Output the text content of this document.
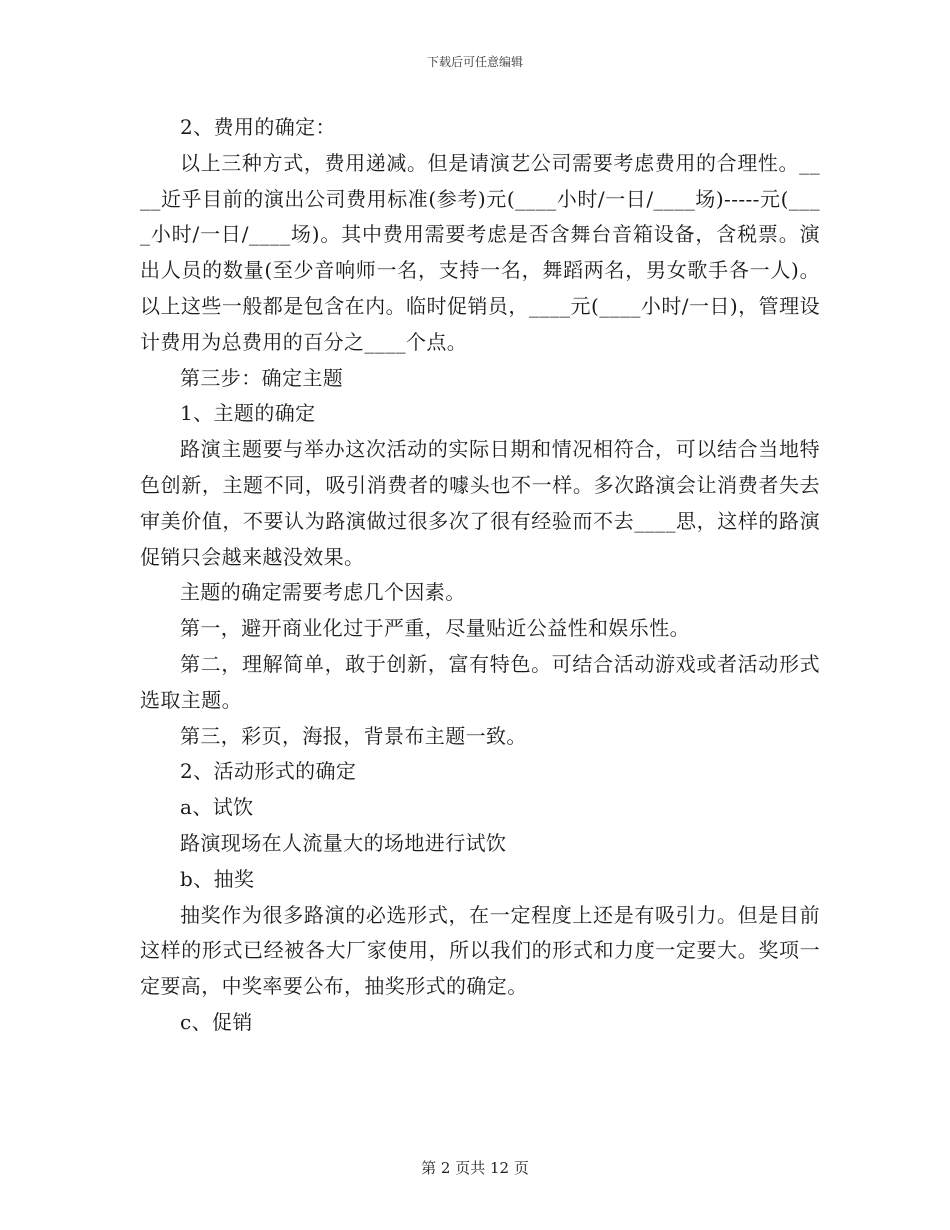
下载后可任意编辑

2、费用的确定：

以上三种方式，费用递减。但是请演艺公司需要考虑费用的合理性。____近乎目前的演出公司费用标准(参考)元(____小时/一日/____场)-----元(____小时/一日/____场)。其中费用需要考虑是否含舞台音箱设备，含税票。演出人员的数量(至少音响师一名，支持一名，舞蹈两名，男女歌手各一人)。以上这些一般都是包含在内。临时促销员，____元(____小时/一日)，管理设计费用为总费用的百分之____个点。

第三步：确定主题

1、主题的确定

路演主题要与举办这次活动的实际日期和情况相符合，可以结合当地特色创新，主题不同，吸引消费者的噱头也不一样。多次路演会让消费者失去审美价值，不要认为路演做过很多次了很有经验而不去____思，这样的路演促销只会越来越没效果。

主题的确定需要考虑几个因素。

第一，避开商业化过于严重，尽量贴近公益性和娱乐性。

第二，理解简单，敢于创新，富有特色。可结合活动游戏或者活动形式选取主题。

第三，彩页，海报，背景布主题一致。

2、活动形式的确定

a、试饮

路演现场在人流量大的场地进行试饮

b、抽奖

抽奖作为很多路演的必选形式，在一定程度上还是有吸引力。但是目前这样的形式已经被各大厂家使用，所以我们的形式和力度一定要大。奖项一定要高，中奖率要公布，抽奖形式的确定。

c、促销

第 2 页共 12 页
